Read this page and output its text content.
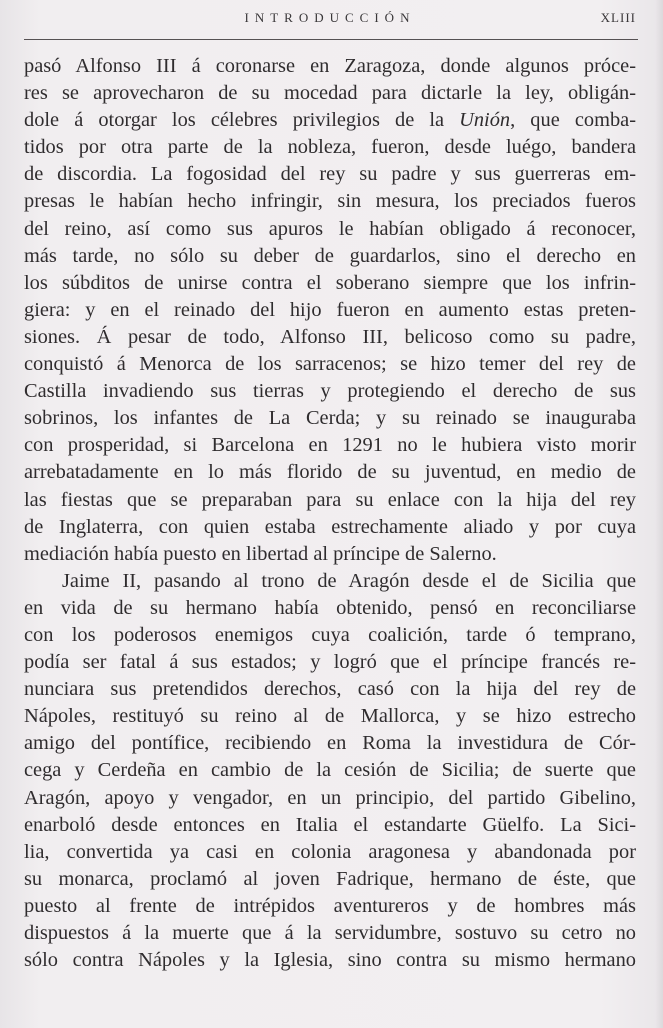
INTRODUCCIÓN	XLIII
pasó Alfonso III á coronarse en Zaragoza, donde algunos próce-
res se aprovecharon de su mocedad para dictarle la ley, obligán-
dole á otorgar los célebres privilegios de la Unión, que comba-
tidos por otra parte de la nobleza, fueron, desde luégo, bandera
de discordia. La fogosidad del rey su padre y sus guerreras em-
presas le habían hecho infringir, sin mesura, los preciados fueros
del reino, así como sus apuros le habían obligado á reconocer,
más tarde, no sólo su deber de guardarlos, sino el derecho en
los súbditos de unirse contra el soberano siempre que los infrin-
giera: y en el reinado del hijo fueron en aumento estas preten-
siones. Á pesar de todo, Alfonso III, belicoso como su padre,
conquistó á Menorca de los sarracenos; se hizo temer del rey de
Castilla invadiendo sus tierras y protegiendo el derecho de sus
sobrinos, los infantes de La Cerda; y su reinado se inauguraba
con prosperidad, si Barcelona en 1291 no le hubiera visto morir
arrebatadamente en lo más florido de su juventud, en medio de
las fiestas que se preparaban para su enlace con la hija del rey
de Inglaterra, con quien estaba estrechamente aliado y por cuya
mediación había puesto en libertad al príncipe de Salerno.
Jaime II, pasando al trono de Aragón desde el de Sicilia que
en vida de su hermano había obtenido, pensó en reconciliarse
con los poderosos enemigos cuya coalición, tarde ó temprano,
podía ser fatal á sus estados; y logró que el príncipe francés re-
nunciara sus pretendidos derechos, casó con la hija del rey de
Nápoles, restituyó su reino al de Mallorca, y se hizo estrecho
amigo del pontífice, recibiendo en Roma la investidura de Cór-
cega y Cerdeña en cambio de la cesión de Sicilia; de suerte que
Aragón, apoyo y vengador, en un principio, del partido Gibelino,
enarboló desde entonces en Italia el estandarte Güelfo. La Sici-
lia, convertida ya casi en colonia aragonesa y abandonada por
su monarca, proclamó al joven Fadrique, hermano de éste, que
puesto al frente de intrépidos aventureros y de hombres más
dispuestos á la muerte que á la servidumbre, sostuvo su cetro no
sólo contra Nápoles y la Iglesia, sino contra su mismo hermano
